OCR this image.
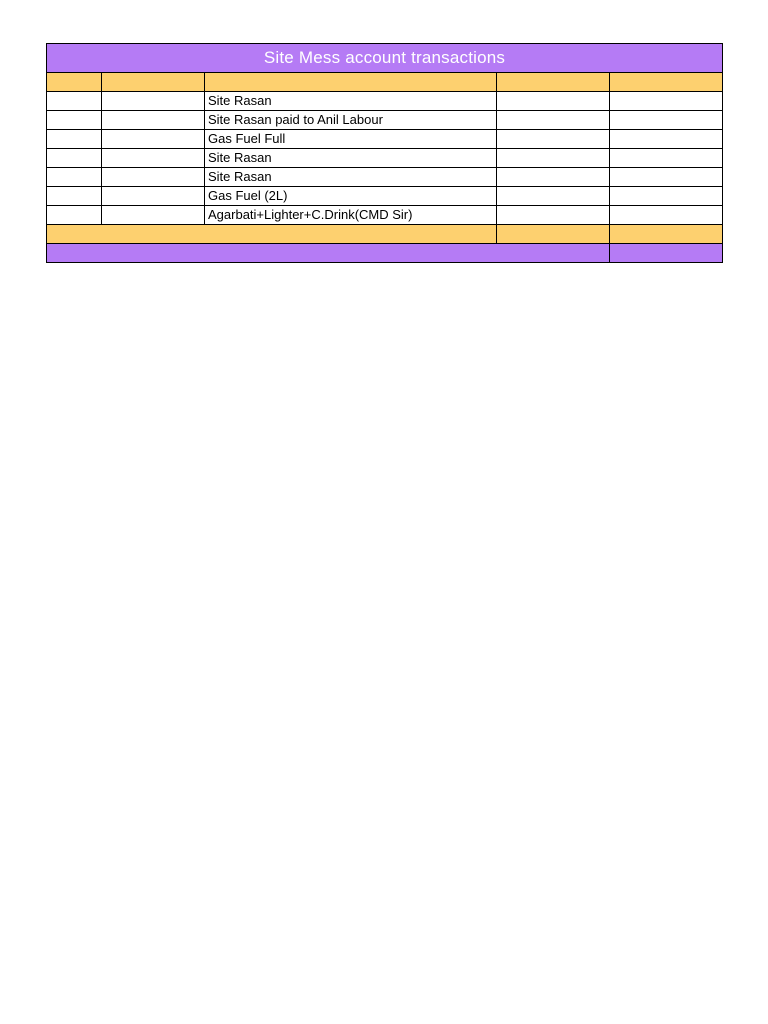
Site Mess account transactions				

		Site Rasan		
		Site Rasan paid to Anil Labour		
		Gas Fuel Full		
		Site Rasan		
		Site Rasan		
		Gas Fuel (2L)		
		Agarbati+Lighter+C.Drink(CMD Sir)		
